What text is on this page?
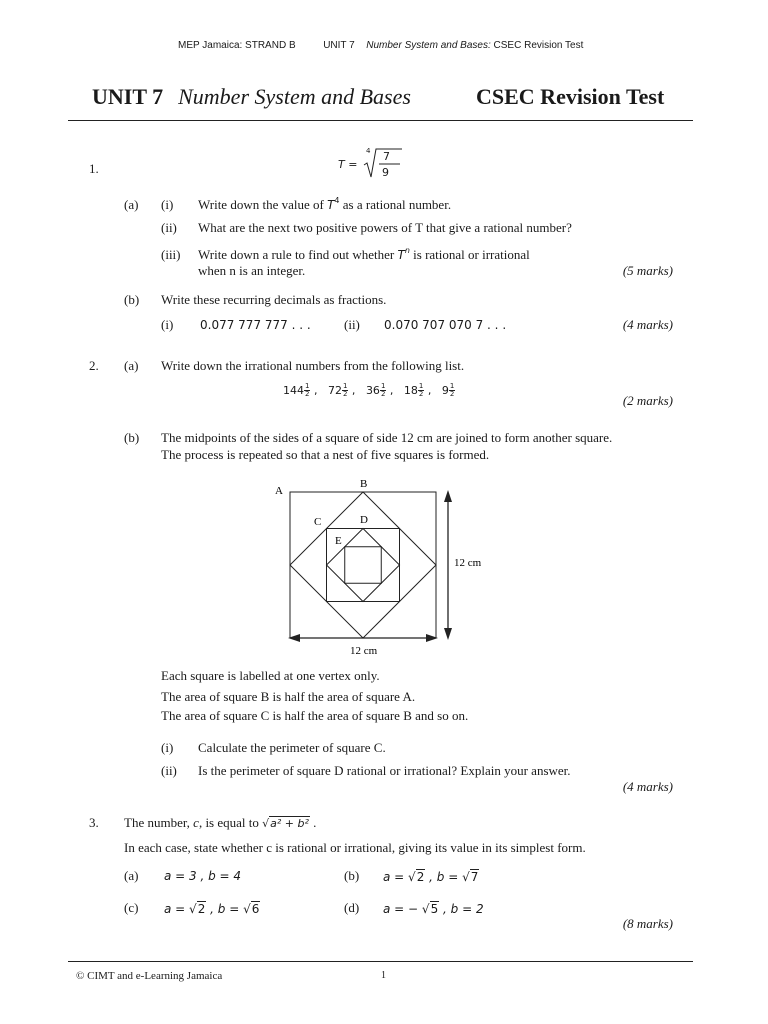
MEP Jamaica: STRAND B	UNIT 7 Number System and Bases: CSEC Revision Test
UNIT 7 Number System and Bases	CSEC Revision Test
1.	T =
4 7
9
(a) (i) Write down the value of $T^4$ as a rational number.
(ii) What are the next two positive powers of T that give a rational number?
(iii) Write down a rule to find out whether $T^n$ is rational or irrational
when n is an integer.	(5 marks)
(b) Write these recurring decimals as fractions.
(i) 0.077 777 777 . . .	(ii) 0.070 707 070 7 . . .	(4 marks)
2. (a) Write down the irrational numbers from the following list.
$144 \frac{1}{2}$ ,   $72 \frac{1}{2}$ ,   $36 \frac{1}{2}$ ,   $18 \frac{1}{2}$ ,   $9 \frac{1}{2}$
(2 marks)
(b) The midpoints of the sides of a square of side 12 cm are joined to form another square.
The process is repeated so that a nest of five squares is formed.
A
B
C	D
E
12 cm
12 cm
Each square is labelled at one vertex only.
The area of square B is half the area of square A.
The area of square C is half the area of square B and so on.
(i) Calculate the perimeter of square C.
(ii) Is the perimeter of square D rational or irrational? Explain your answer.
(4 marks)
3. The number, c, is equal to √a² + b² .
In each case, state whether c is rational or irrational, giving its value in its simplest form.
(a) a = 3 , b = 4	(b) a = √2 , b = √7
(c) a = √2 , b = √6	(d) a = − √5 , b = 2
(8 marks)
© CIMT and e-Learning Jamaica	1
